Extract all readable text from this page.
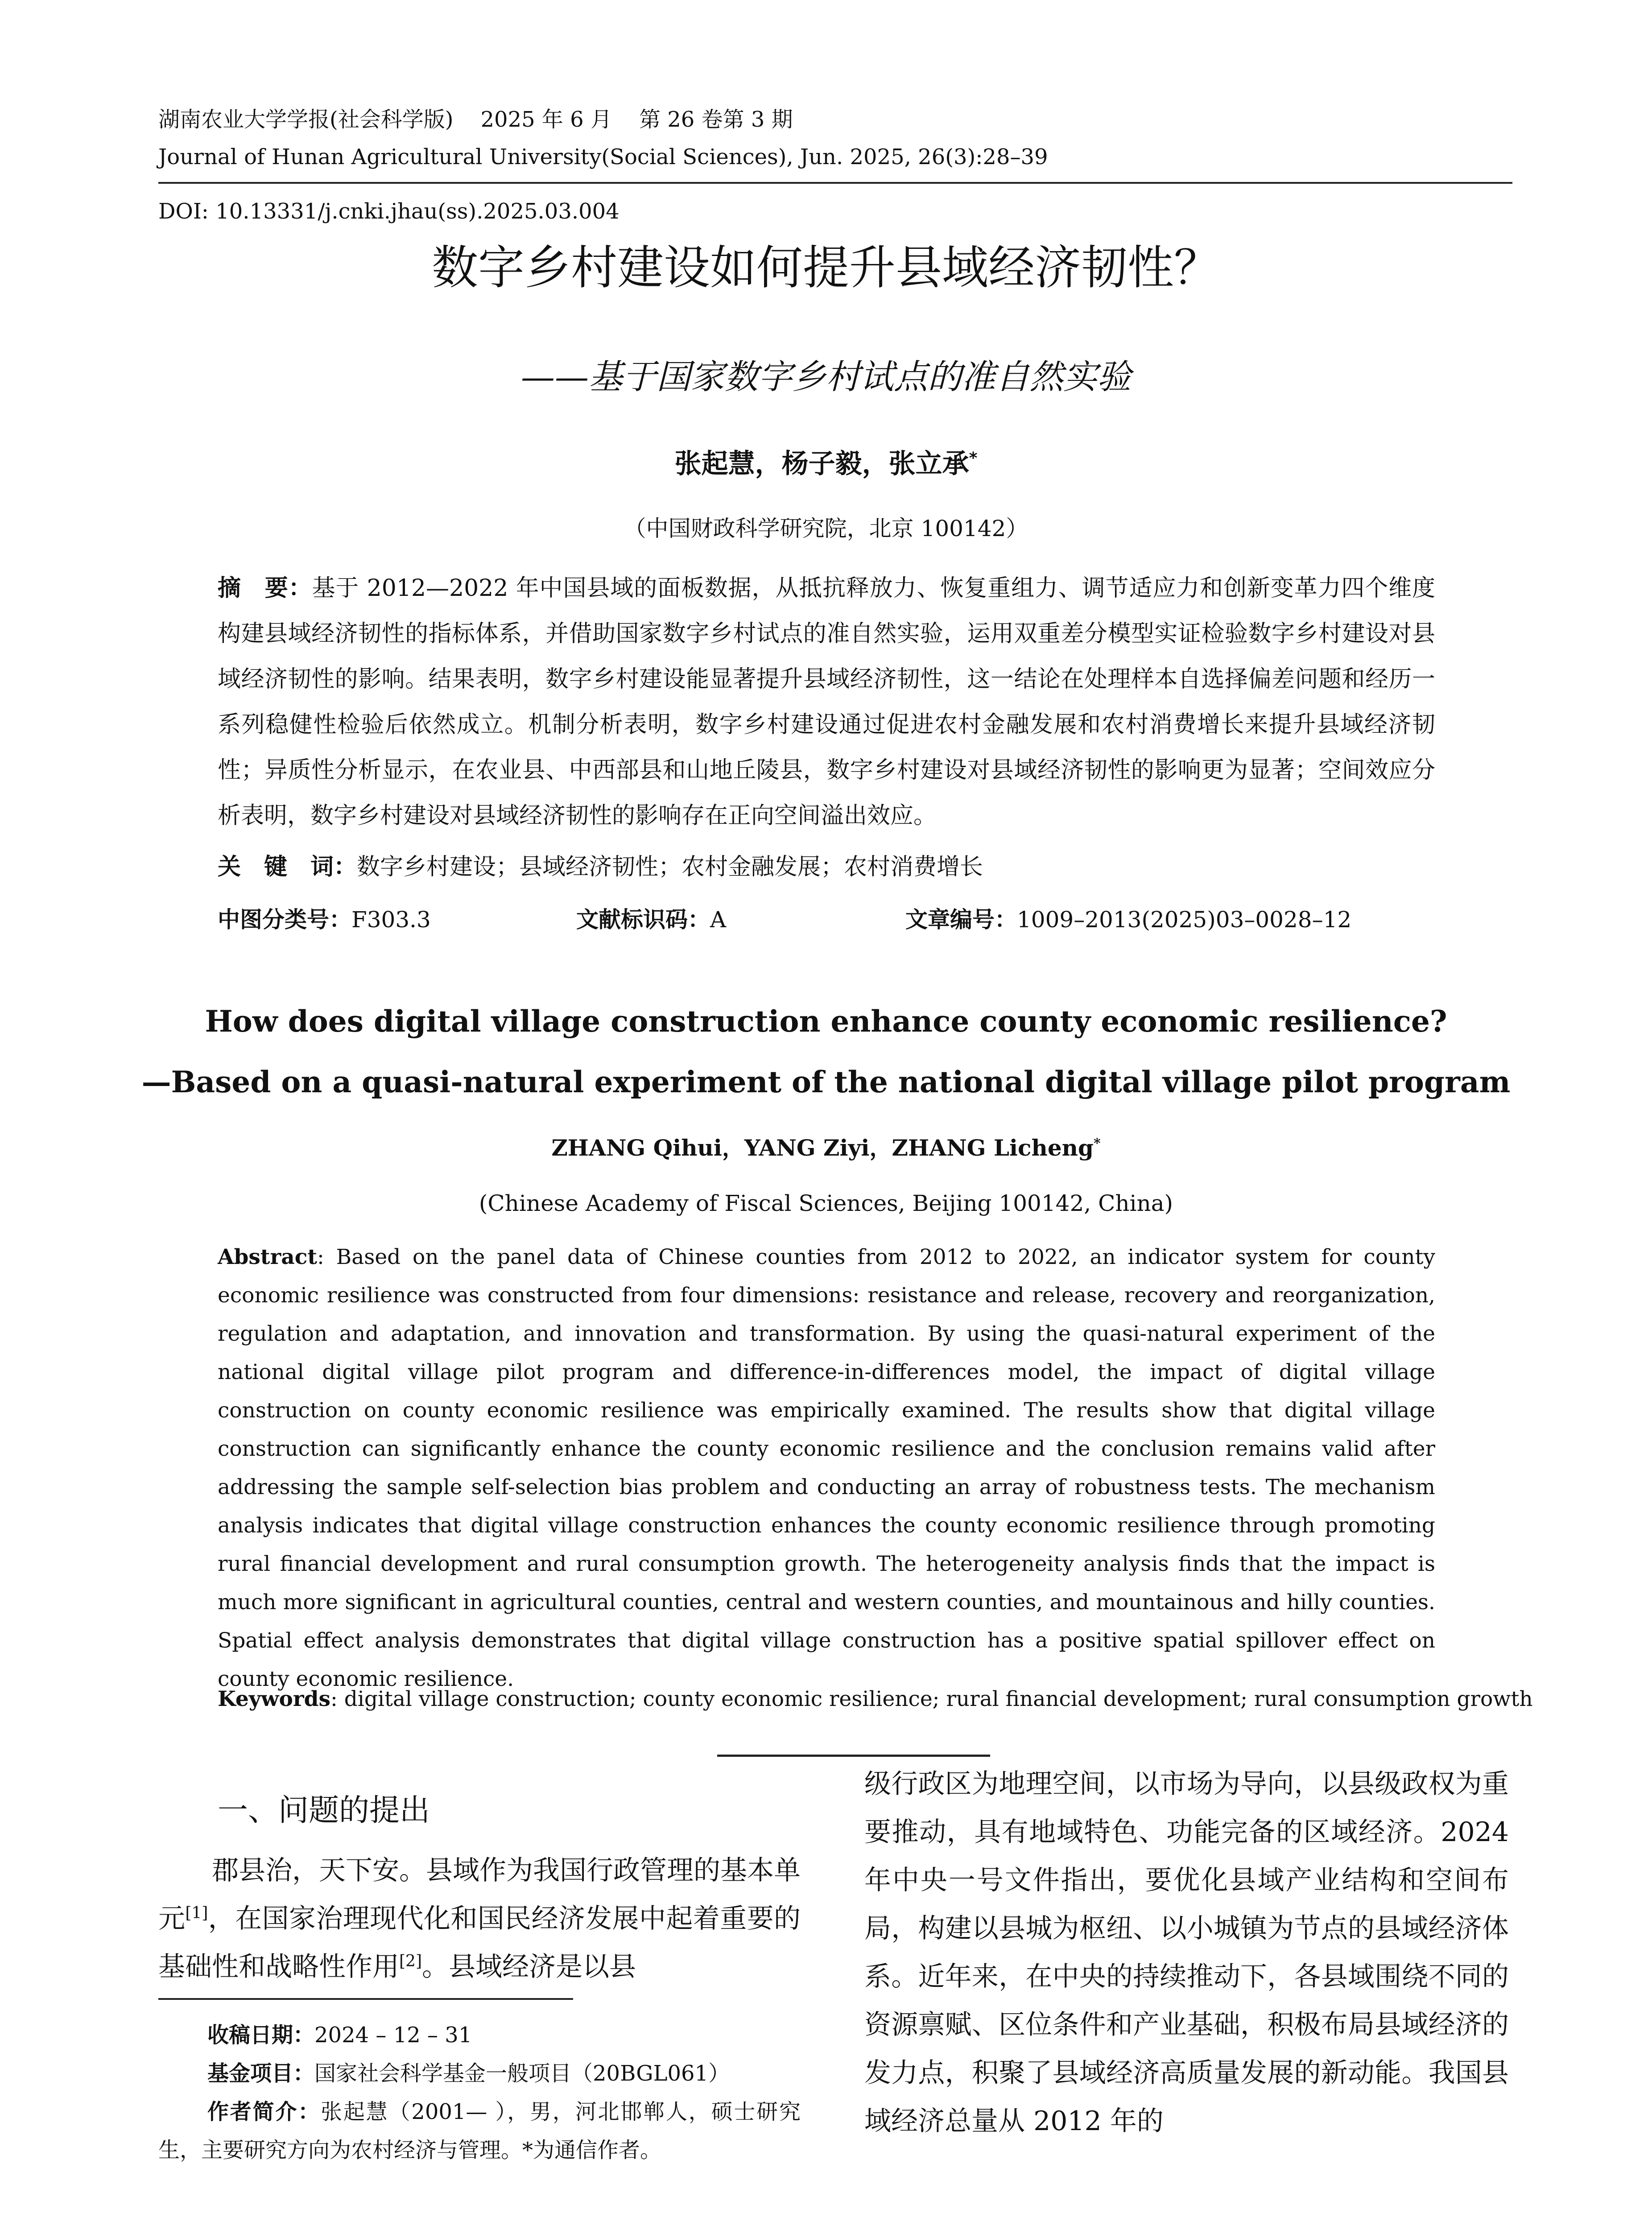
湖南农业大学学报(社会科学版)    2025 年 6 月    第 26 卷第 3 期
Journal of Hunan Agricultural University(Social Sciences), Jun. 2025, 26(3):28–39
DOI: 10.13331/j.cnki.jhau(ss).2025.03.004
数字乡村建设如何提升县域经济韧性？
——基于国家数字乡村试点的准自然实验
张起慧，杨子毅，张立承*
（中国财政科学研究院，北京 100142）
摘　要：基于 2012—2022 年中国县域的面板数据，从抵抗释放力、恢复重组力、调节适应力和创新变革力四个维度构建县域经济韧性的指标体系，并借助国家数字乡村试点的准自然实验，运用双重差分模型实证检验数字乡村建设对县域经济韧性的影响。结果表明，数字乡村建设能显著提升县域经济韧性，这一结论在处理样本自选择偏差问题和经历一系列稳健性检验后依然成立。机制分析表明，数字乡村建设通过促进农村金融发展和农村消费增长来提升县域经济韧性；异质性分析显示，在农业县、中西部县和山地丘陵县，数字乡村建设对县域经济韧性的影响更为显著；空间效应分析表明，数字乡村建设对县域经济韧性的影响存在正向空间溢出效应。
关　键　词：数字乡村建设；县域经济韧性；农村金融发展；农村消费增长
中图分类号：F303.3	文献标识码：A	文章编号：1009–2013(2025)03–0028–12
How does digital village construction enhance county economic resilience?
—Based on a quasi-natural experiment of the national digital village pilot program
ZHANG Qihui，YANG Ziyi，ZHANG Licheng*
(Chinese Academy of Fiscal Sciences, Beijing 100142, China)
Abstract: Based on the panel data of Chinese counties from 2012 to 2022, an indicator system for county economic resilience was constructed from four dimensions: resistance and release, recovery and reorganization, regulation and adaptation, and innovation and transformation. By using the quasi-natural experiment of the national digital village pilot program and difference-in-differences model, the impact of digital village construction on county economic resilience was empirically examined. The results show that digital village construction can significantly enhance the county economic resilience and the conclusion remains valid after addressing the sample self-selection bias problem and conducting an array of robustness tests. The mechanism analysis indicates that digital village construction enhances the county economic resilience through promoting rural financial development and rural consumption growth. The heterogeneity analysis finds that the impact is much more significant in agricultural counties, central and western counties, and mountainous and hilly counties. Spatial effect analysis demonstrates that digital village construction has a positive spatial spillover effect on county economic resilience.
Keywords: digital village construction; county economic resilience; rural financial development; rural consumption growth
一、问题的提出
郡县治，天下安。县域作为我国行政管理的基本单元[1]，在国家治理现代化和国民经济发展中起着重要的基础性和战略性作用[2]。县域经济是以县
收稿日期：2024 – 12 – 31
基金项目：国家社会科学基金一般项目（20BGL061）
作者简介：张起慧（2001— ），男，河北邯郸人，硕士研究生，主要研究方向为农村经济与管理。*为通信作者。
级行政区为地理空间，以市场为导向，以县级政权为重要推动，具有地域特色、功能完备的区域经济。2024 年中央一号文件指出，要优化县域产业结构和空间布局，构建以县城为枢纽、以小城镇为节点的县域经济体系。近年来，在中央的持续推动下，各县域围绕不同的资源禀赋、区位条件和产业基础，积极布局县域经济的发力点，积聚了县域经济高质量发展的新动能。我国县域经济总量从 2012 年的
